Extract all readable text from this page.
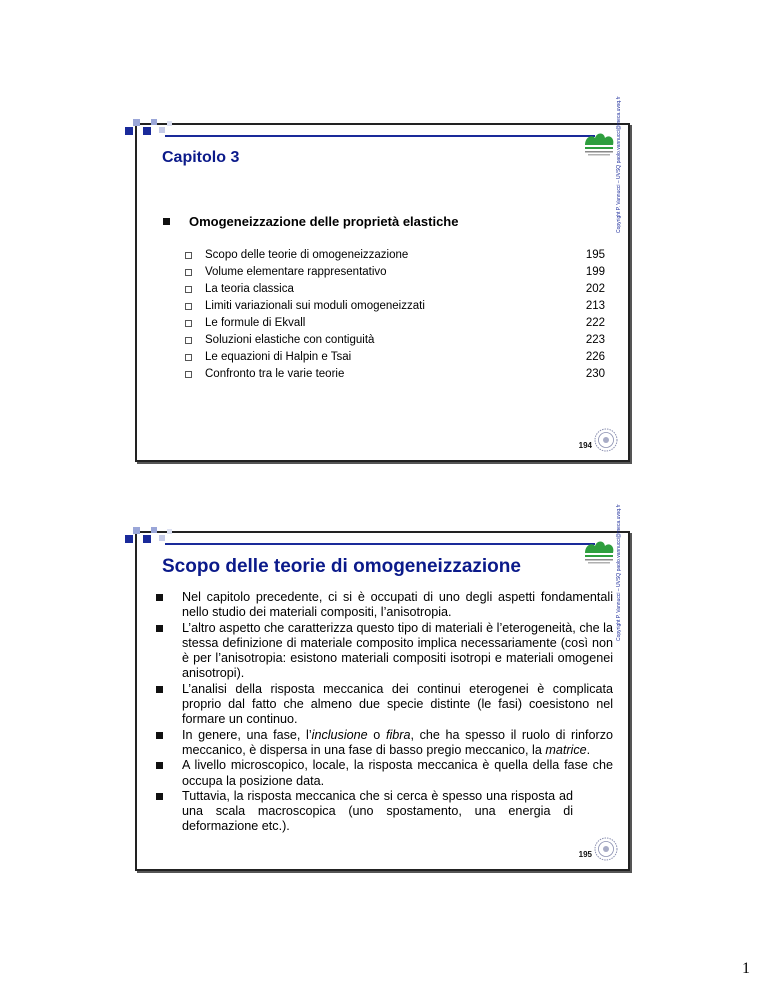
Copyright P. Vannucci – UVSQ paolo.vannucci@meca.uvsq.fr
Capitolo 3
Omogeneizzazione delle proprietà elastiche
Scopo delle teorie di omogeneizzazione	195
Volume elementare rappresentativo	199
La teoria classica	202
Limiti variazionali sui moduli omogeneizzati	213
Le formule di Ekvall	222
Soluzioni elastiche con contiguità	223
Le equazioni di Halpin e Tsai	226
Confronto tra le varie teorie	230
194
Copyright P. Vannucci – UVSQ paolo.vannucci@meca.uvsq.fr
Scopo delle teorie di omogeneizzazione

Nel capitolo precedente, ci si è occupati di uno degli aspetti fondamentali nello studio dei materiali compositi, l’anisotropia.

L’altro aspetto che caratterizza questo tipo di materiali è l’eterogeneità, che la stessa definizione di materiale composito implica necessariamente (così non è per l’anisotropia: esistono materiali compositi isotropi e materiali omogenei anisotropi).

L’analisi della risposta meccanica dei continui eterogenei è complicata proprio dal fatto che almeno due specie distinte (le fasi) coesistono nel formare un continuo.

In genere, una fase, l’inclusione o fibra, che ha spesso il ruolo di rinforzo meccanico, è dispersa in una fase di basso pregio meccanico, la matrice.

A livello microscopico, locale, la risposta meccanica è quella della fase che occupa la posizione data.

Tuttavia, la risposta meccanica che si cerca è spesso una risposta ad una scala macroscopica (uno spostamento, una energia di deformazione etc.).

195
1
